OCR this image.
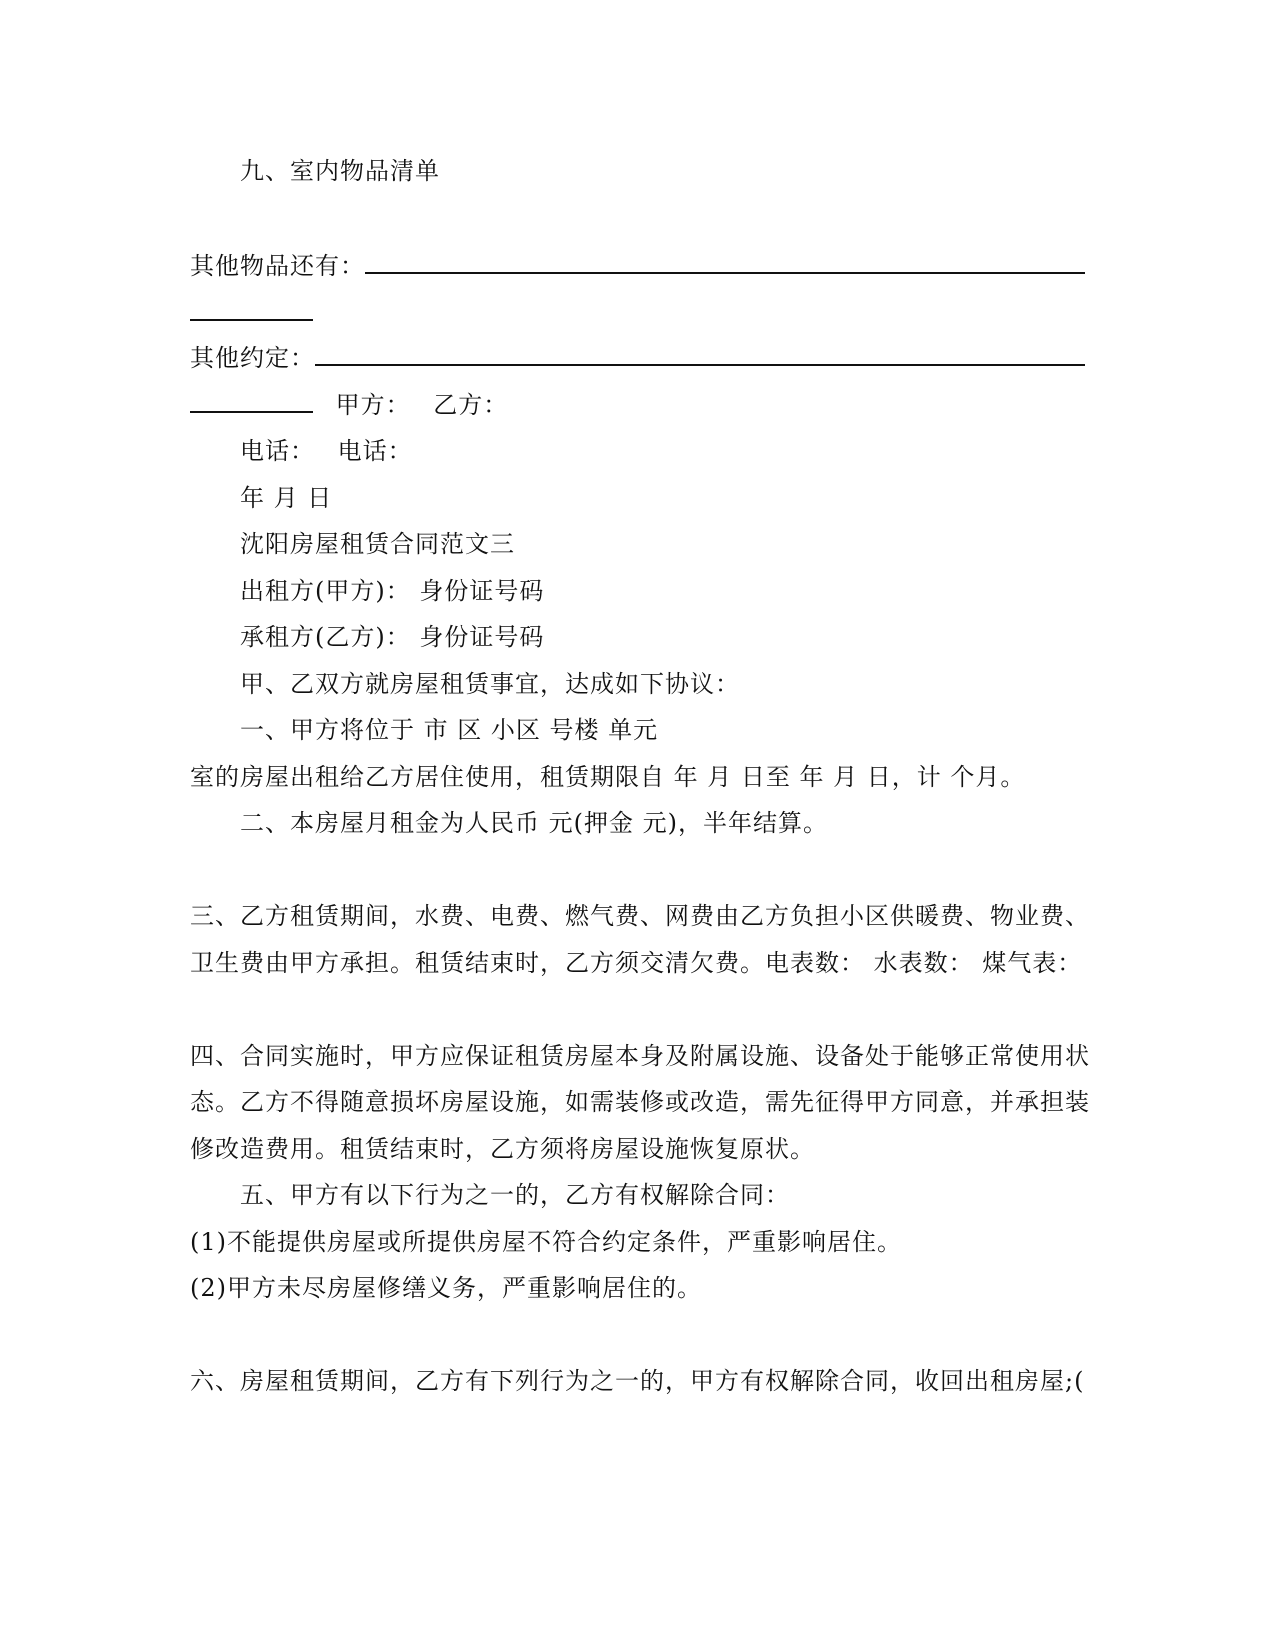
九、室内物品清单
其他物品还有：
其他约定：
甲方： 乙方：
电话： 电话：
年 月 日
沈阳房屋租赁合同范文三
出租方(甲方)： 身份证号码
承租方(乙方)： 身份证号码
甲、乙双方就房屋租赁事宜，达成如下协议：
一、甲方将位于 市 区 小区 号楼 单元
室的房屋出租给乙方居住使用，租赁期限自 年 月 日至 年 月 日，计 个月。
二、本房屋月租金为人民币 元(押金 元)，半年结算。
三、乙方租赁期间，水费、电费、燃气费、网费由乙方负担小区供暖费、物业费、
卫生费由甲方承担。租赁结束时，乙方须交清欠费。电表数： 水表数： 煤气表：
四、合同实施时，甲方应保证租赁房屋本身及附属设施、设备处于能够正常使用状
态。乙方不得随意损坏房屋设施，如需装修或改造，需先征得甲方同意，并承担装
修改造费用。租赁结束时，乙方须将房屋设施恢复原状。
五、甲方有以下行为之一的，乙方有权解除合同：
(1)不能提供房屋或所提供房屋不符合约定条件，严重影响居住。
(2)甲方未尽房屋修缮义务，严重影响居住的。
六、房屋租赁期间，乙方有下列行为之一的，甲方有权解除合同，收回出租房屋;(
